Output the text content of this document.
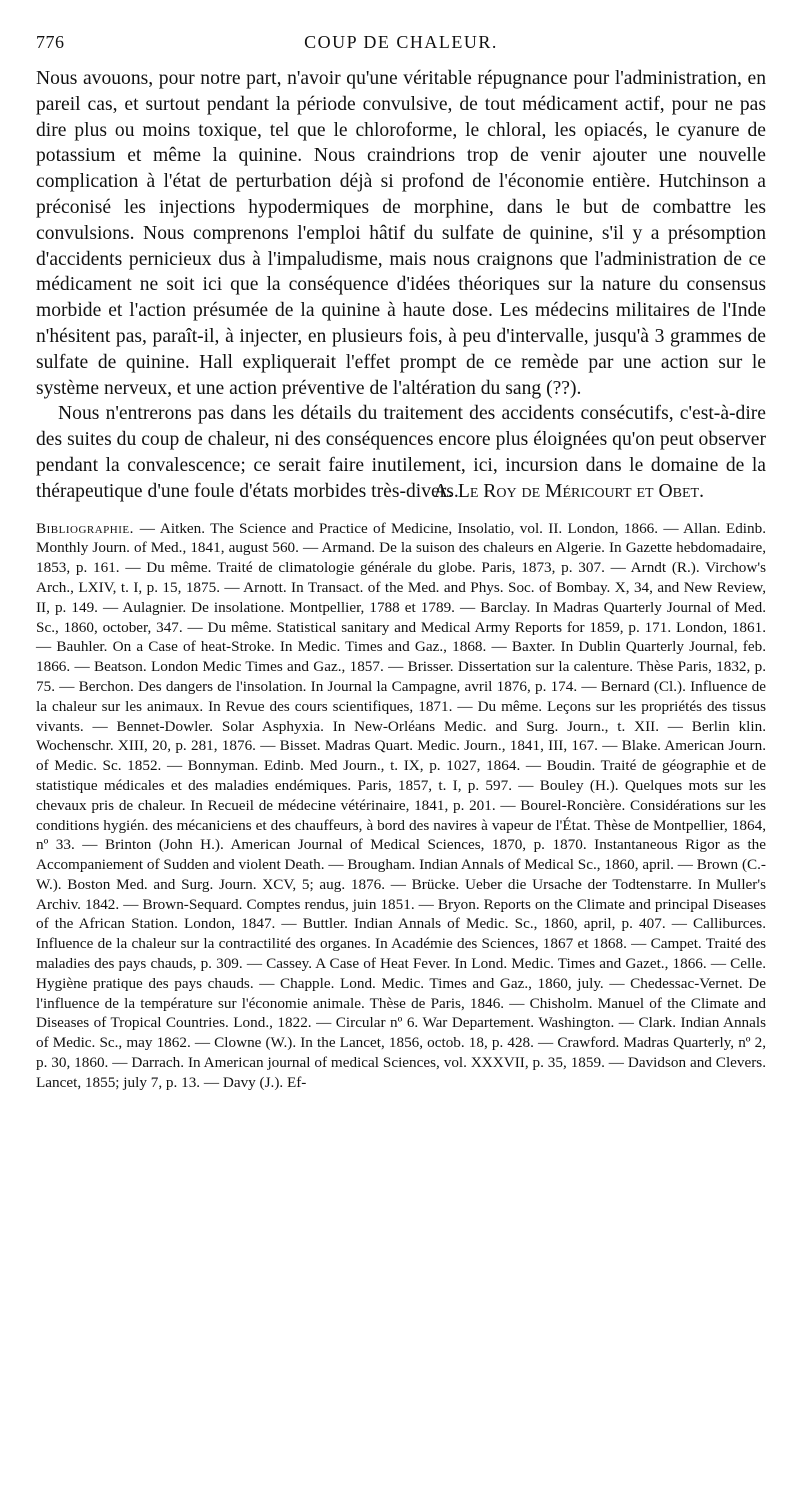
776	COUP DE CHALEUR.

Nous avouons, pour notre part, n'avoir qu'une véritable répugnance pour l'administration, en pareil cas, et surtout pendant la période convulsive, de tout médicament actif, pour ne pas dire plus ou moins toxique, tel que le chloroforme, le chloral, les opiacés, le cyanure de potassium et même la quinine. Nous craindrions trop de venir ajouter une nouvelle complication à l'état de perturbation déjà si profond de l'économie entière. Hutchinson a préconisé les injections hypodermiques de morphine, dans le but de combattre les convulsions. Nous comprenons l'emploi hâtif du sulfate de quinine, s'il y a présomption d'accidents pernicieux dus à l'impaludisme, mais nous craignons que l'administration de ce médicament ne soit ici que la conséquence d'idées théoriques sur la nature du consensus morbide et l'action présumée de la quinine à haute dose. Les médecins militaires de l'Inde n'hésitent pas, paraît-il, à injecter, en plusieurs fois, à peu d'intervalle, jusqu'à 3 grammes de sulfate de quinine. Hall expliquerait l'effet prompt de ce remède par une action sur le système nerveux, et une action préventive de l'altération du sang (??).

Nous n'entrerons pas dans les détails du traitement des accidents consécutifs, c'est-à-dire des suites du coup de chaleur, ni des conséquences encore plus éloignées qu'on peut observer pendant la convalescence; ce serait faire inutilement, ici, incursion dans le domaine de la thérapeutique d'une foule d'états morbides très-divers.

A. Le Roy de Méricourt et Obet.

Bibliographie. — Aitken. The Science and Practice of Medicine, Insolatio, vol. II. London, 1866. — Allan. Edinb. Monthly Journ. of Med., 1841, august 560. — Armand. De la suison des chaleurs en Algerie. In Gazette hebdomadaire, 1853, p. 161. — Du même. Traité de climatologie générale du globe. Paris, 1873, p. 307. — Arndt (R.). Virchow's Arch., LXIV, t. I, p. 15, 1875. — Arnott. In Transact. of the Med. and Phys. Soc. of Bombay. X, 34, and New Review, II, p. 149. — Aulagnier. De insolatione. Montpellier, 1788 et 1789. — Barclay. In Madras Quarterly Journal of Med. Sc., 1860, october, 347. — Du même. Statistical sanitary and Medical Army Reports for 1859, p. 171. London, 1861. — Bauhler. On a Case of heat-Stroke. In Medic. Times and Gaz., 1868. — Baxter. In Dublin Quarterly Journal, feb. 1866. — Beatson. London Medic Times and Gaz., 1857. — Brisser. Dissertation sur la calenture. Thèse Paris, 1832, p. 75. — Berchon. Des dangers de l'insolation. In Journal la Campagne, avril 1876, p. 174. — Bernard (Cl.). Influence de la chaleur sur les animaux. In Revue des cours scientifiques, 1871. — Du même. Leçons sur les propriétés des tissus vivants. — Bennet-Dowler. Solar Asphyxia. In New-Orléans Medic. and Surg. Journ., t. XII. — Berlin klin. Wochenschr. XIII, 20, p. 281, 1876. — Bisset. Madras Quart. Medic. Journ., 1841, III, 167. — Blake. American Journ. of Medic. Sc. 1852. — Bonnyman. Edinb. Med Journ., t. IX, p. 1027, 1864. — Boudin. Traité de géographie et de statistique médicales et des maladies endémiques. Paris, 1857, t. I, p. 597. — Bouley (H.). Quelques mots sur les chevaux pris de chaleur. In Recueil de médecine vétérinaire, 1841, p. 201. — Bourel-Roncière. Considérations sur les conditions hygién. des mécaniciens et des chauffeurs, à bord des navires à vapeur de l'État. Thèse de Montpellier, 1864, nº 33. — Brinton (John H.). American Journal of Medical Sciences, 1870, p. 1870. Instantaneous Rigor as the Accompaniement of Sudden and violent Death. — Brougham. Indian Annals of Medical Sc., 1860, april. — Brown (C.-W.). Boston Med. and Surg. Journ. XCV, 5; aug. 1876. — Brücke. Ueber die Ursache der Todtenstarre. In Muller's Archiv. 1842. — Brown-Sequard. Comptes rendus, juin 1851. — Bryon. Reports on the Climate and principal Diseases of the African Station. London, 1847. — Buttler. Indian Annals of Medic. Sc., 1860, april, p. 407. — Calliburces. Influence de la chaleur sur la contractilité des organes. In Académie des Sciences, 1867 et 1868. — Campet. Traité des maladies des pays chauds, p. 309. — Cassey. A Case of Heat Fever. In Lond. Medic. Times and Gazet., 1866. — Celle. Hygiène pratique des pays chauds. — Chapple. Lond. Medic. Times and Gaz., 1860, july. — Chedessac-Vernet. De l'influence de la température sur l'économie animale. Thèse de Paris, 1846. — Chisholm. Manuel of the Climate and Diseases of Tropical Countries. Lond., 1822. — Circular nº 6. War Departement. Washington. — Clark. Indian Annals of Medic. Sc., may 1862. — Clowne (W.). In the Lancet, 1856, octob. 18, p. 428. — Crawford. Madras Quarterly, nº 2, p. 30, 1860. — Darrach. In American journal of medical Sciences, vol. XXXVII, p. 35, 1859. — Davidson and Clevers. Lancet, 1855; july 7, p. 13. — Davy (J.). Ef-
